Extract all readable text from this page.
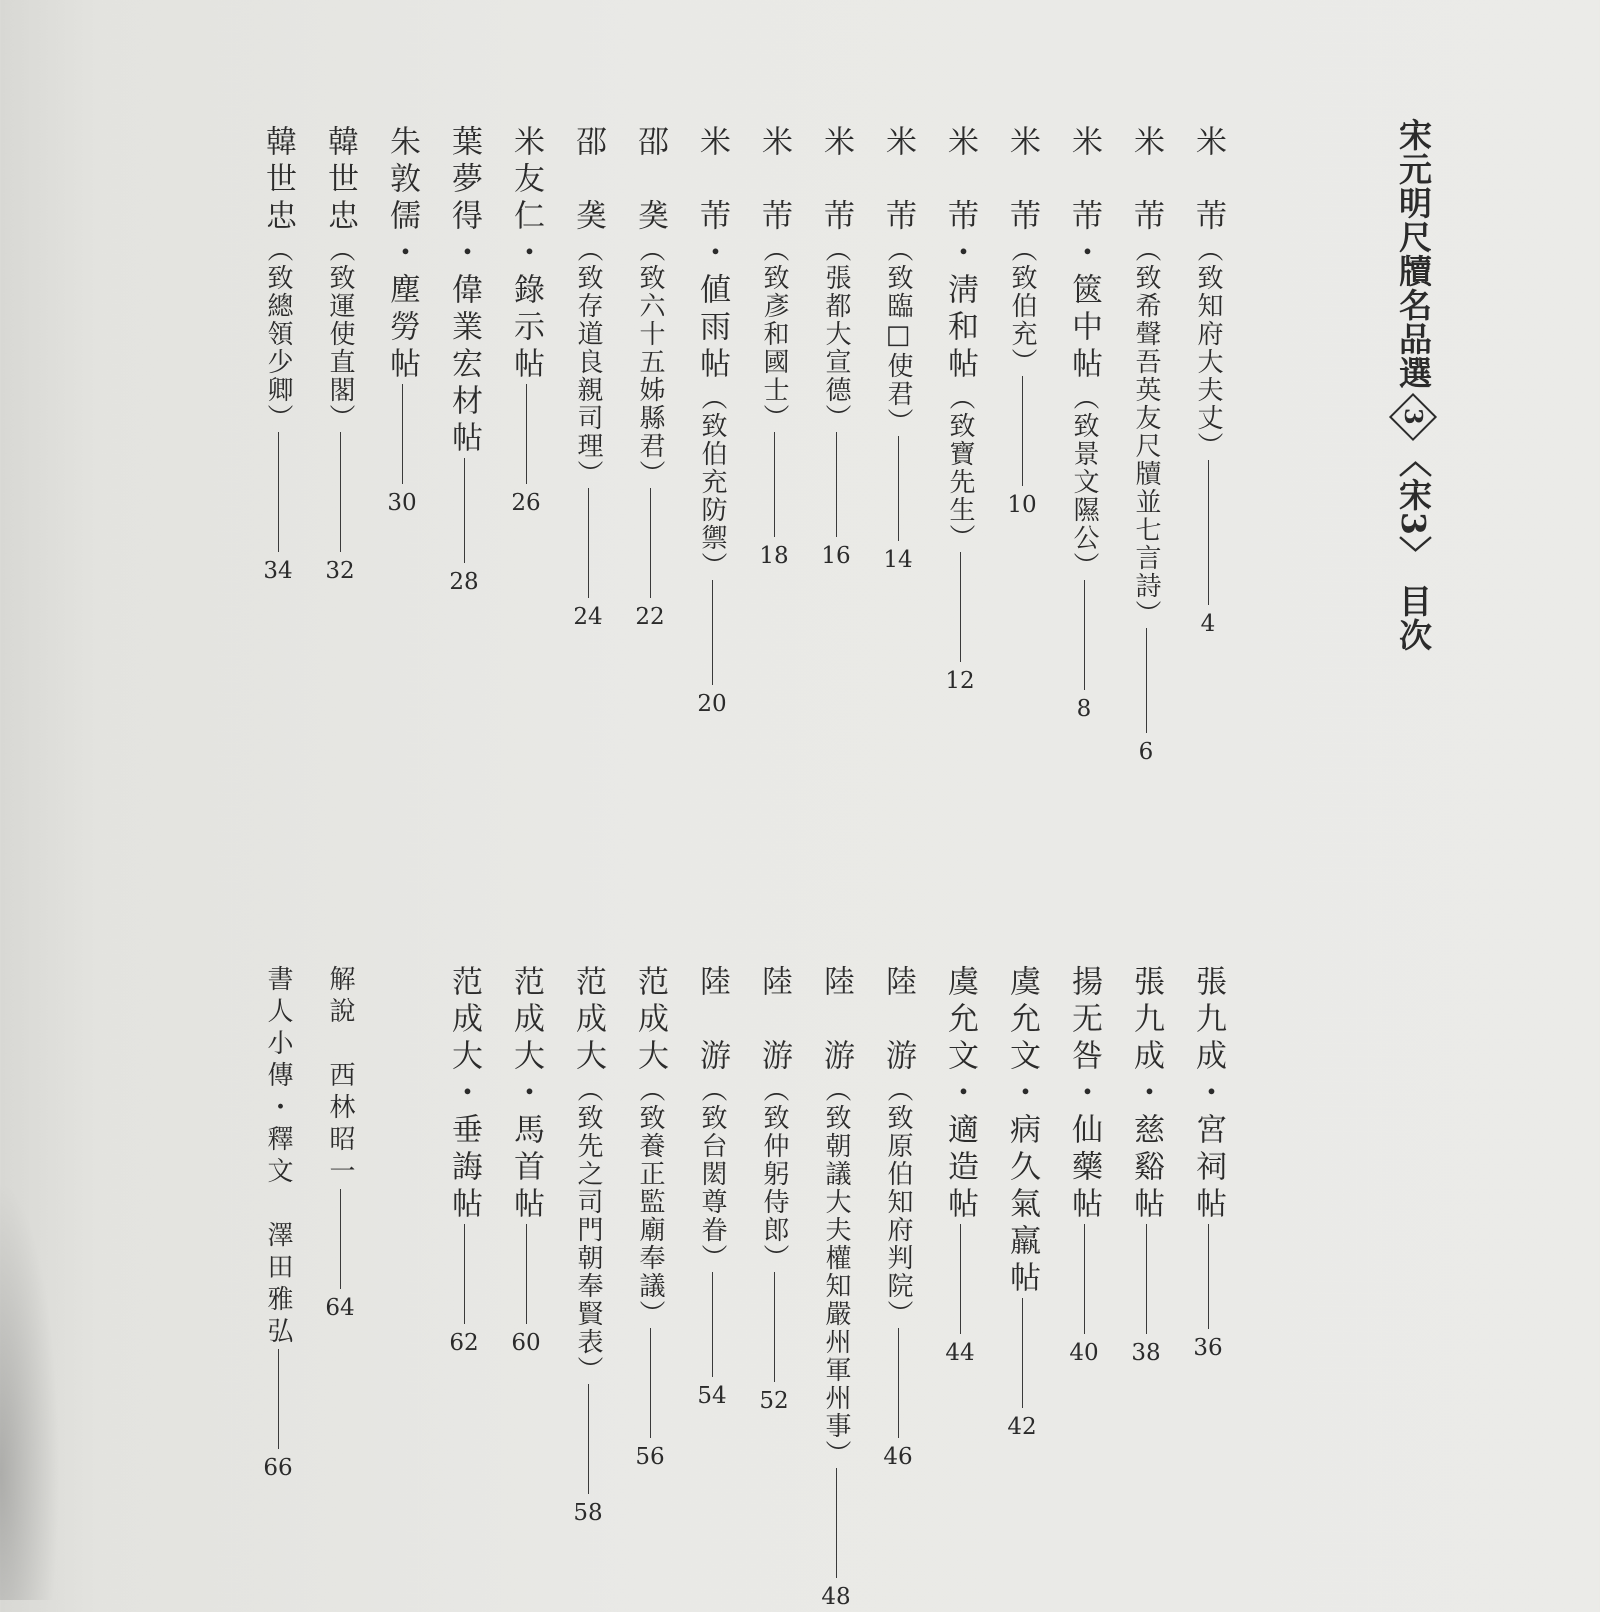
宋元明尺牘名品選3〈宋3〉目次
米　芾（致知府大夫丈）4
米　芾（致希聲吾英友尺牘並七言詩）6
米　芾・篋中帖（致景文隰公）8
米　芾（致伯充）10
米　芾・淸和帖（致寶先生）12
米　芾（致臨□使君）14
米　芾（張都大宣德）16
米　芾（致彥和國士）18
米　芾・値雨帖（致伯充防禦）20
邵　䶮（致六十五姊縣君）22
邵　䶮（致存道良親司理）24
米友仁・錄示帖26
葉夢得・偉業宏材帖28
朱敦儒・塵勞帖30
韓世忠（致運使直閣）32
韓世忠（致總領少卿）34
張九成・宮祠帖36
張九成・慈谿帖38
揚无咎・仙藥帖40
虞允文・病久氣羸帖42
虞允文・適造帖44
陸　游（致原伯知府判院）46
陸　游（致朝議大夫權知嚴州軍州事）48
陸　游（致仲躬侍郎）52
陸　游（致台閎尊眷）54
范成大（致養正監廟奉議）56
范成大（致先之司門朝奉賢表）58
范成大・馬首帖60
范成大・垂誨帖62
解說　西林昭一64
書人小傳・釋文　澤田雅弘66
